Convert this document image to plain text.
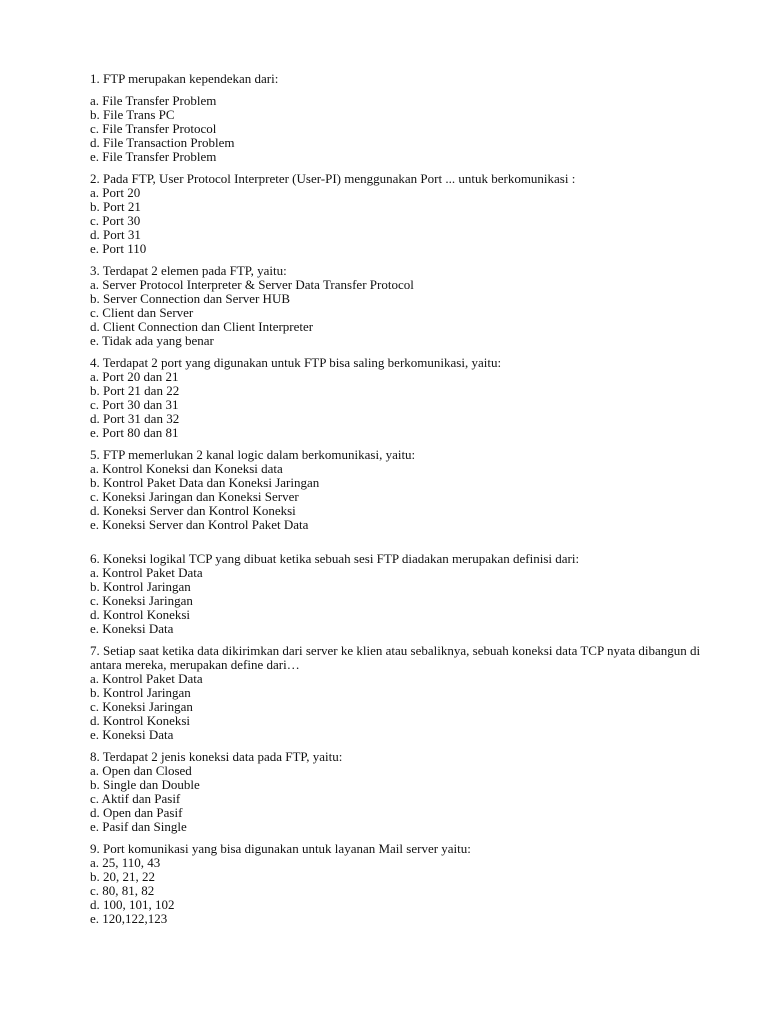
1. FTP merupakan kependekan dari:
a. File Transfer Problem
b. File Trans PC
c. File Transfer Protocol
d. File Transaction Problem
e. File Transfer Problem
2. Pada FTP, User Protocol Interpreter (User-PI) menggunakan Port ... untuk berkomunikasi :
a. Port 20
b. Port 21
c. Port 30
d. Port 31
e. Port 110
3. Terdapat 2 elemen pada FTP, yaitu:
a. Server Protocol Interpreter & Server Data Transfer Protocol
b. Server Connection dan Server HUB
c. Client dan Server
d. Client Connection dan Client Interpreter
e. Tidak ada yang benar
4. Terdapat 2 port yang digunakan untuk FTP bisa saling berkomunikasi, yaitu:
a. Port 20 dan 21
b. Port 21 dan 22
c. Port 30 dan 31
d. Port 31 dan 32
e. Port 80 dan 81
5. FTP memerlukan 2 kanal logic dalam berkomunikasi, yaitu:
a. Kontrol Koneksi dan Koneksi data
b. Kontrol Paket Data dan Koneksi Jaringan
c. Koneksi Jaringan dan Koneksi Server
d. Koneksi Server dan Kontrol Koneksi
e. Koneksi Server dan Kontrol Paket Data
6. Koneksi logikal TCP yang dibuat ketika sebuah sesi FTP diadakan merupakan definisi dari:
a. Kontrol Paket Data
b. Kontrol Jaringan
c. Koneksi Jaringan
d. Kontrol Koneksi
e. Koneksi Data
7. Setiap saat ketika data dikirimkan dari server ke klien atau sebaliknya, sebuah koneksi data TCP nyata dibangun di antara mereka, merupakan define dari…
a. Kontrol Paket Data
b. Kontrol Jaringan
c. Koneksi Jaringan
d. Kontrol Koneksi
e. Koneksi Data
8. Terdapat 2 jenis koneksi data pada FTP, yaitu:
a. Open dan Closed
b. Single dan Double
c. Aktif dan Pasif
d. Open dan Pasif
e. Pasif dan Single
9. Port komunikasi yang bisa digunakan untuk layanan Mail server yaitu:
a. 25, 110, 43
b. 20, 21, 22
c. 80, 81, 82
d. 100, 101, 102
e. 120,122,123
